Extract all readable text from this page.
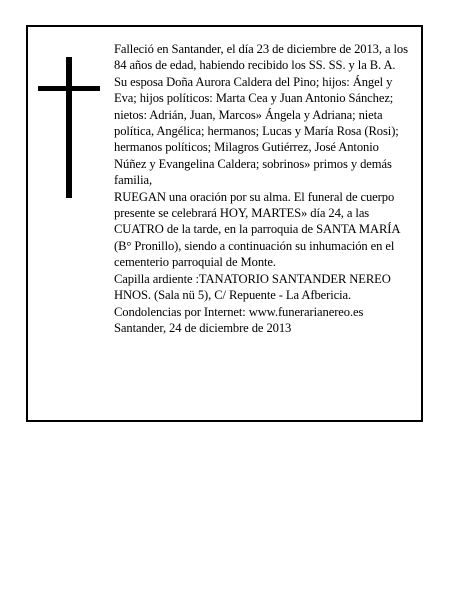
Falleció en Santander, el día 23 de diciembre de 2013, a los 84 años de edad, habiendo recibido los SS. SS. y la B. A.

Su esposa Doña Aurora Caldera del Pino; hijos: Ángel y Eva; hijos políticos: Marta Cea y Juan Antonio Sánchez; nietos: Adrián, Juan, Marcos» Ángela y Adriana; nieta política, Angélica; hermanos; Lucas y María Rosa (Rosi); hermanos políticos; Milagros Gutiérrez, José Antonio Núñez y Evangelina Caldera; sobrinos» primos y demás familia,

RUEGAN una oración por su alma. El funeral de cuerpo presente se celebrará HOY, MARTES» día 24, a las CUATRO de la tarde, en la parroquia de SANTA MARÍA (B° Pronillo), siendo a continuación su inhumación en el cementerio parroquial de Monte.

Capilla ardiente :TANATORIO SANTANDER NEREO HNOS. (Sala nü 5), C/ Repuente - La Afbericia.

Condolencias por Internet: www.funerarianereo.es

Santander, 24 de diciembre de 2013
